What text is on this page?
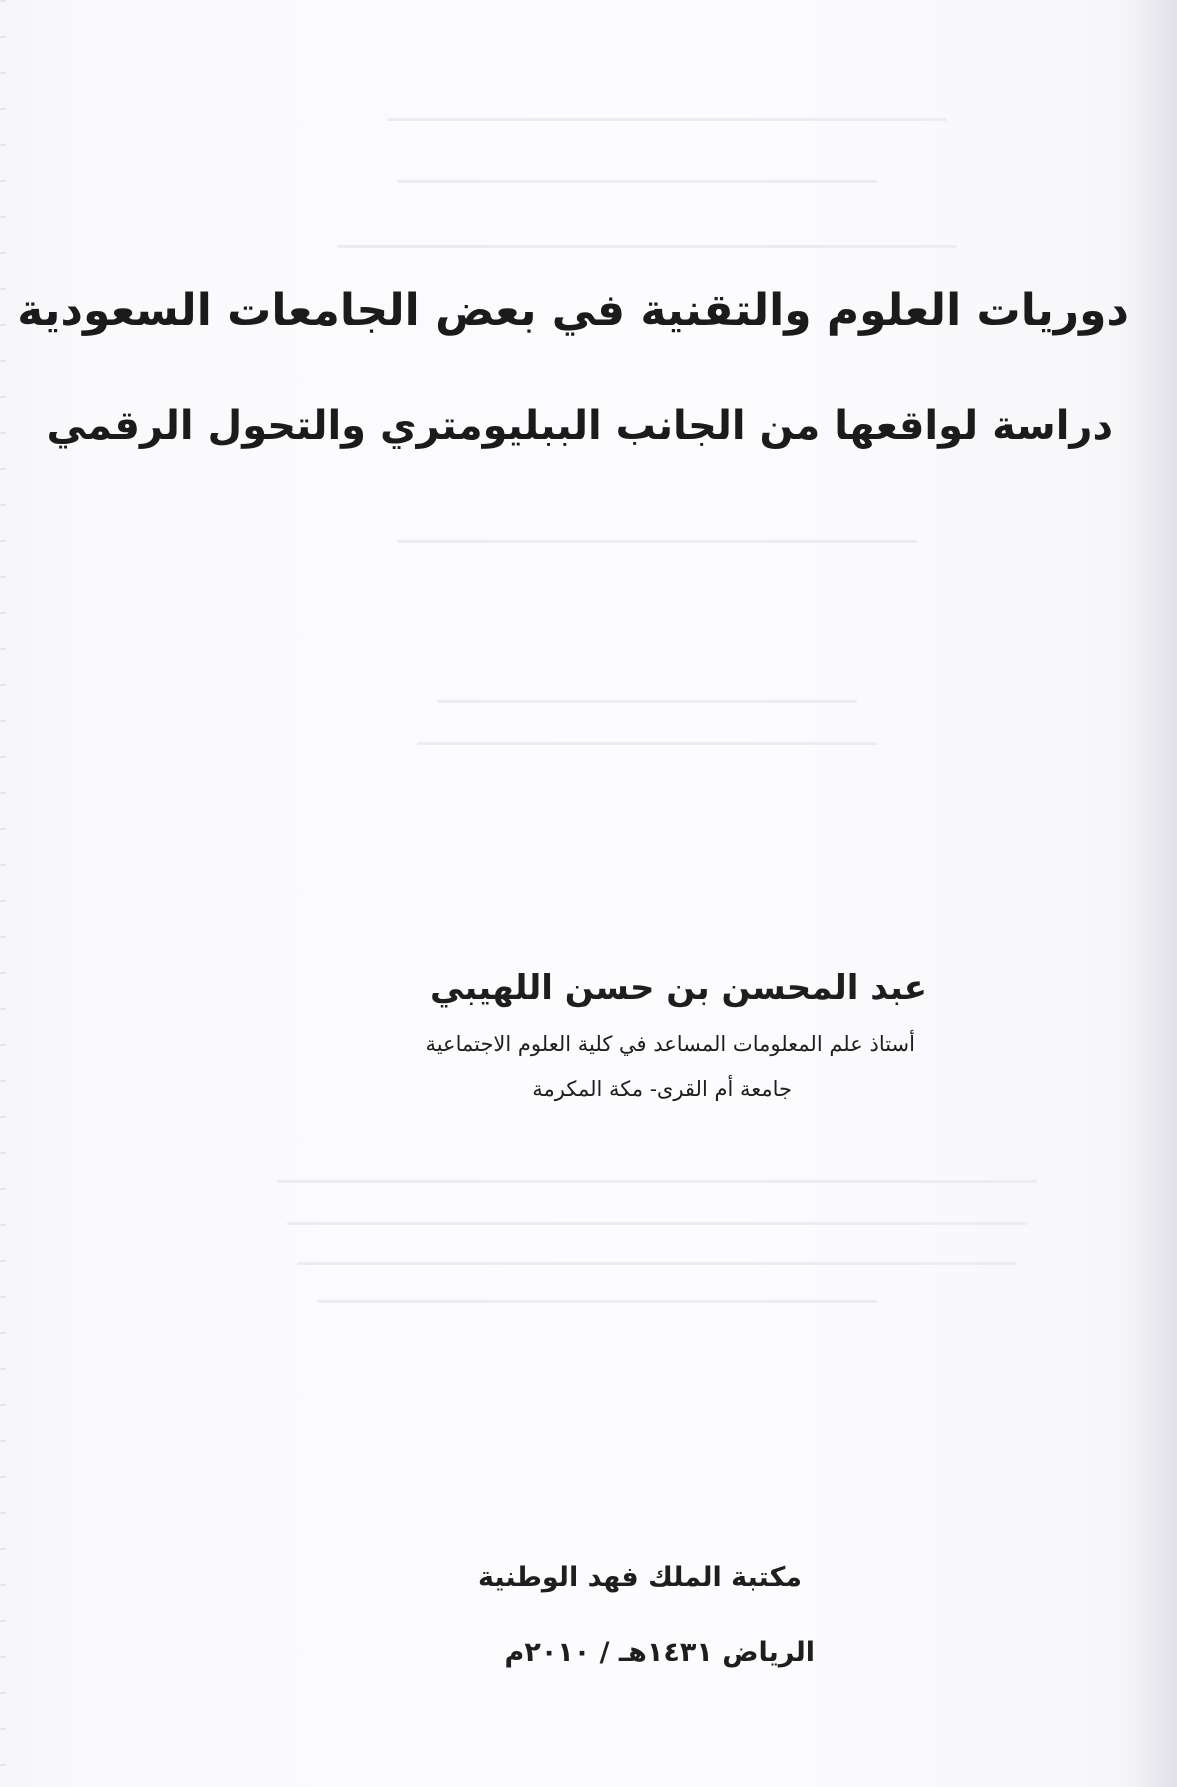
دوريات العلوم والتقنية في بعض الجامعات السعودية
دراسة لواقعها من الجانب الببليومتري والتحول الرقمي

عبد المحسن بن حسن اللهيبي

أستاذ علم المعلومات المساعد في كلية العلوم الاجتماعية

جامعة أم القرى- مكة المكرمة

مكتبة الملك فهد الوطنية

الرياض ١٤٣١هـ / ٢٠١٠م
